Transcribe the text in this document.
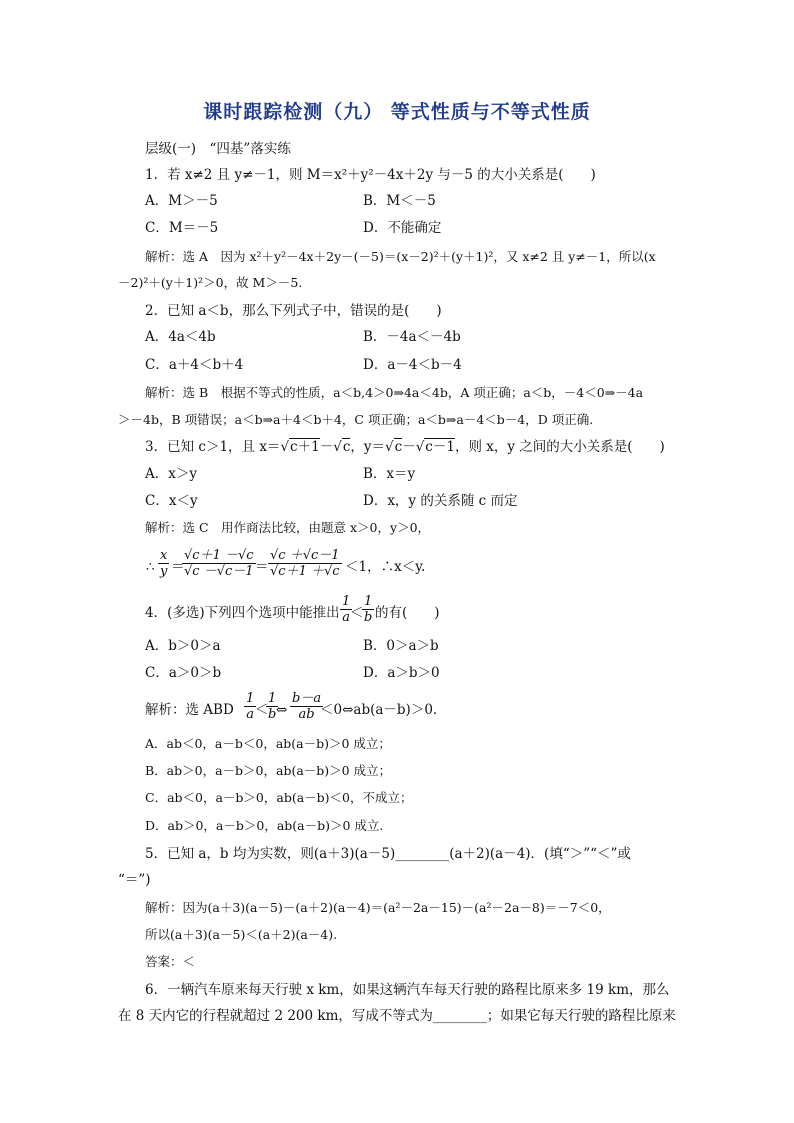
课时跟踪检测（九） 等式性质与不等式性质
层级(一)　“四基”落实练
1．若 x≠2 且 y≠－1，则 M＝x²＋y²－4x＋2y 与－5 的大小关系是(　　)
A．M＞－5	B．M＜－5
C．M＝－5	D．不能确定
解析：选 A　因为 x²＋y²－4x＋2y－(－5)＝(x－2)²＋(y＋1)²，又 x≠2 且 y≠－1，所以(x
－2)²＋(y＋1)²＞0，故 M＞－5.
2．已知 a＜b，那么下列式子中，错误的是(　　)
A．4a＜4b	B．－4a＜－4b
C．a＋4＜b＋4	D．a－4＜b－4
解析：选 B　根据不等式的性质，a＜b,4＞0⇒4a＜4b，A 项正确；a＜b，－4＜0⇒－4a
＞－4b，B 项错误；a＜b⇒a＋4＜b＋4，C 项正确；a＜b⇒a－4＜b－4，D 项正确.
3．已知 c＞1，且 x＝√c＋1－√c，y＝√c－√c－1，则 x，y 之间的大小关系是(　　)
A．x＞y	B．x＝y
C．x＜y	D．x，y 的关系随 c 而定
解析：选 C　用作商法比较，由题意 x＞0，y＞0，
∴ $\frac{x}{y}$ ＝
$\frac{√c+1 -√c}{√c -√c-1} = \frac{√c +√c-1}{√c+1 +√c} <1$，∴x＜y.
4．(多选)下列四个选项中能推出 $\frac{1}{a}$
＜
$\frac{1}{b}$ 的有(　　)
A．b＞0＞a	B．0＞a＞b
C．a＞0＞b	D．a＞b＞0
解析：选 ABD $\frac{1}{a}$
＜
$\frac{1}{b}$
⇔ $\frac{b-a}{ab}$
＜0⇔ab(a－b)＞0.
A．ab＜0，a－b＜0，ab(a－b)＞0 成立；
B．ab＞0，a－b＞0，ab(a－b)＞0 成立；
C．ab＜0，a－b＞0，ab(a－b)＜0，不成立；
D．ab＞0，a－b＞0，ab(a－b)＞0 成立.
5．已知 a，b 均为实数，则(a＋3)(a－5)________(a＋2)(a－4)．(填“＞”“＜”或
“＝”)
解析：因为(a＋3)(a－5)－(a＋2)(a－4)＝(a²－2a－15)－(a²－2a－8)＝－7＜0，
所以(a＋3)(a－5)＜(a＋2)(a－4).
答案：＜
6．一辆汽车原来每天行驶 x km，如果这辆汽车每天行驶的路程比原来多 19 km，那么
在 8 天内它的行程就超过 2 200 km，写成不等式为________；如果它每天行驶的路程比原来
